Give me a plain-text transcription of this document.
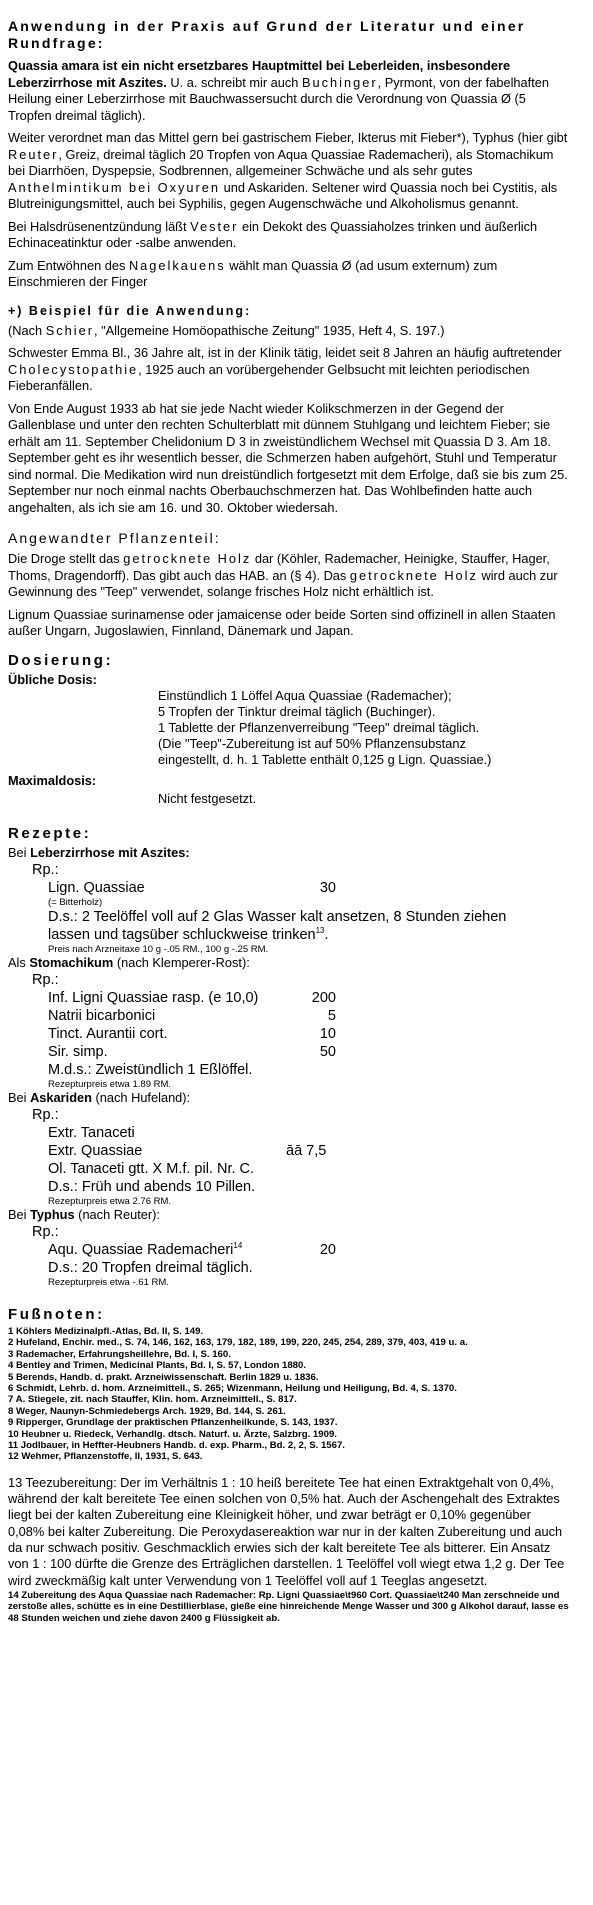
Anwendung in der Praxis auf Grund der Literatur und einer Rundfrage:

Quassia amara ist ein nicht ersetzbares Hauptmittel bei Leberleiden, insbesondere Leberzirrhose mit Aszites. U. a. schreibt mir auch Buchinger, Pyrmont, von der fabelhaften Heilung einer Leberzirrhose mit Bauchwassersucht durch die Verordnung von Quassia Ø (5 Tropfen dreimal täglich).

Weiter verordnet man das Mittel gern bei gastrischem Fieber, Ikterus mit Fieber*), Typhus (hier gibt Reuter, Greiz, dreimal täglich 20 Tropfen von Aqua Quassiae Rademacheri), als Stomachikum bei Diarrhöen, Dyspepsie, Sodbrennen, allgemeiner Schwäche und als sehr gutes Anthelmintikum bei Oxyuren und Askariden. Seltener wird Quassia noch bei Cystitis, als Blutreinigungsmittel, auch bei Syphilis, gegen Augenschwäche und Alkoholismus genannt.

Bei Halsdrüsenentzündung läßt Vester ein Dekokt des Quassiaholzes trinken und äußerlich Echinaceatinktur oder -salbe anwenden.

Zum Entwöhnen des Nagelkauens wählt man Quassia Ø (ad usum externum) zum Einschmieren der Finger

+) Beispiel für die Anwendung:

(Nach Schier, "Allgemeine Homöopathische Zeitung" 1935, Heft 4, S. 197.)

Schwester Emma Bl., 36 Jahre alt, ist in der Klinik tätig, leidet seit 8 Jahren an häufig auftretender Cholecystopathie, 1925 auch an vorübergehender Gelbsucht mit leichten periodischen Fieberanfällen.

Von Ende August 1933 ab hat sie jede Nacht wieder Kolikschmerzen in der Gegend der Gallenblase und unter den rechten Schulterblatt mit dünnem Stuhlgang und leichtem Fieber; sie erhält am 11. September Chelidonium D 3 in zweistündlichem Wechsel mit Quassia D 3. Am 18. September geht es ihr wesentlich besser, die Schmerzen haben aufgehört, Stuhl und Temperatur sind normal. Die Medikation wird nun dreistündlich fortgesetzt mit dem Erfolge, daß sie bis zum 25. September nur noch einmal nachts Oberbauchschmerzen hat. Das Wohlbefinden hatte auch angehalten, als ich sie am 16. und 30. Oktober wiedersah.

Angewandter Pflanzenteil:

Die Droge stellt das getrocknete Holz dar (Köhler, Rademacher, Heinigke, Stauffer, Hager, Thoms, Dragendorff). Das gibt auch das HAB. an (§ 4). Das getrocknete Holz wird auch zur Gewinnung des "Teep" verwendet, solange frisches Holz nicht erhältlich ist.

Lignum Quassiae surinamense oder jamaicense oder beide Sorten sind offizinell in allen Staaten außer Ungarn, Jugoslawien, Finnland, Dänemark und Japan.

Dosierung:
Übliche Dosis:
Einstündlich 1 Löffel Aqua Quassiae (Rademacher);
5 Tropfen der Tinktur dreimal täglich (Buchinger).
1 Tablette der Pflanzenverreibung "Teep" dreimal täglich.
(Die "Teep"-Zubereitung ist auf 50% Pflanzensubstanz
eingestellt, d. h. 1 Tablette enthält 0,125 g Lign. Quassiae.)
Maximaldosis:
Nicht festgesetzt.
Rezepte:
Bei Leberzirrhose mit Aszites:
Rp.:
Lign. Quassiae	30
(= Bitterholz)
D.s.: 2 Teelöffel voll auf 2 Glas Wasser kalt ansetzen, 8 Stunden ziehen lassen und tagsüber schluckweise trinken$^{13}$.
Preis nach Arzneitaxe 10 g -.05 RM., 100 g -.25 RM.
Als Stomachikum (nach Klemperer-Rost):
Rp.:
Inf. Ligni Quassiae rasp. (e 10,0)	200
Natrii bicarbonici	5
Tinct. Aurantii cort.	10
Sir. simp.	50
M.d.s.: Zweistündlich 1 Eßlöffel.
Rezepturpreis etwa 1.89 RM.
Bei Askariden (nach Hufeland):
Rp.:
Extr. Tanaceti
Extr. Quassiae	āā 7,5
Ol. Tanaceti gtt. X M.f. pil. Nr. C.
D.s.: Früh und abends 10 Pillen.
Rezepturpreis etwa 2.76 RM.
Bei Typhus (nach Reuter):
Rp.:
Aqu. Quassiae Rademacheri$^{14}$	20
D.s.: 20 Tropfen dreimal täglich.
Rezepturpreis etwa -.61 RM.
Fußnoten:
1 Köhlers Medizinalpfl.-Atlas, Bd. II, S. 149.
2 Hufeland, Enchir. med., S. 74, 146, 162, 163, 179, 182, 189, 199, 220, 245, 254, 289, 379, 403, 419 u. a.
3 Rademacher, Erfahrungsheillehre, Bd. I, S. 160.
4 Bentley and Trimen, Medicinal Plants, Bd. I, S. 57, London 1880.
5 Berends, Handb. d. prakt. Arzneiwissenschaft. Berlin 1829 u. 1836.
6 Schmidt, Lehrb. d. hom. Arzneimittell., S. 265; Wizenmann, Heilung und Heiligung, Bd. 4, S. 1370.
7 A. Stiegele, zit. nach Stauffer, Klin. hom. Arzneimittell., S. 817.
8 Weger, Naunyn-Schmiedebergs Arch. 1929, Bd. 144, S. 261.
9 Ripperger, Grundlage der praktischen Pflanzenheilkunde, S. 143, 1937.
10 Heubner u. Riedeck, Verhandlg. dtsch. Naturf. u. Ärzte, Salzbrg. 1909.
11 Jodlbauer, in Heffter-Heubners Handb. d. exp. Pharm., Bd. 2, 2, S. 1567.
12 Wehmer, Pflanzenstoffe, II, 1931, S. 643.

13 Teezubereitung: Der im Verhältnis 1 : 10 heiß bereitete Tee hat einen Extraktgehalt von 0,4%, während der kalt bereitete Tee einen solchen von 0,5% hat. Auch der Aschengehalt des Extraktes liegt bei der kalten Zubereitung eine Kleinigkeit höher, und zwar beträgt er 0,10% gegenüber 0,08% bei kalter Zubereitung. Die Peroxydasereaktion war nur in der kalten Zubereitung und auch da nur schwach positiv. Geschmacklich erwies sich der kalt bereitete Tee als bitterer. Ein Ansatz von 1 : 100 dürfte die Grenze des Erträglichen darstellen. 1 Teelöffel voll wiegt etwa 1,2 g. Der Tee wird zweckmäßig kalt unter Verwendung von 1 Teelöffel voll auf 1 Teeglas angesetzt.

14 Zubereitung des Aqua Quassiae nach Rademacher: Rp. Ligni Quassiae\t960 Cort. Quassiae\t240 Man zerschneide und zerstoße alles, schütte es in eine Destillierblase, gieße eine hinreichende Menge Wasser und 300 g Alkohol darauf, lasse es 48 Stunden weichen und ziehe davon 2400 g Flüssigkeit ab.
